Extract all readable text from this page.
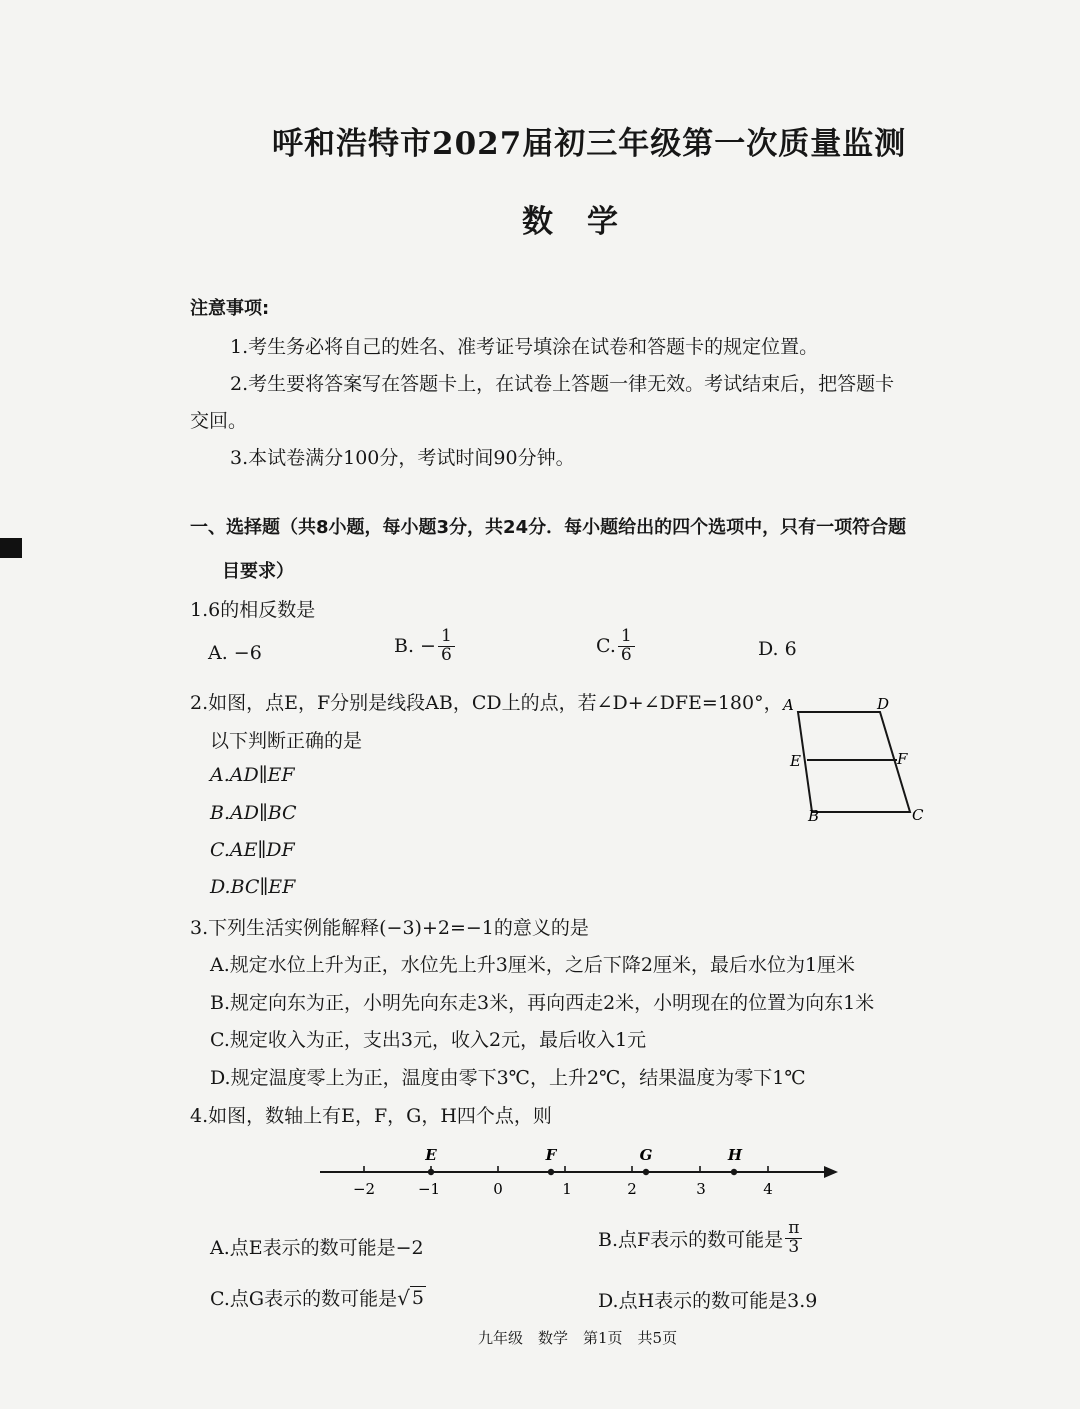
呼和浩特市2027届初三年级第一次质量监测
数学
注意事项:
1.考生务必将自己的姓名、准考证号填涂在试卷和答题卡的规定位置。
2.考生要将答案写在答题卡上，在试卷上答题一律无效。考试结束后，把答题卡
交回。
3.本试卷满分100分，考试时间90分钟。
一、选择题（共8小题，每小题3分，共24分．每小题给出的四个选项中，只有一项符合题
目要求）
1.6的相反数是
A. −6	B. − $\frac{1}{6}$	C. $\frac{1}{6}$	D. 6
2.如图，点E，F分别是线段AB，CD上的点，若∠D+∠DFE=180°，
以下判断正确的是
A.AD∥EF
B.AD∥BC
C.AE∥DF
D.BC∥EF
A	D
E	F
B	C
3.下列生活实例能解释(−3)+2=−1的意义的是
A.规定水位上升为正，水位先上升3厘米，之后下降2厘米，最后水位为1厘米
B.规定向东为正，小明先向东走3米，再向西走2米，小明现在的位置为向东1米
C.规定收入为正，支出3元，收入2元，最后收入1元
D.规定温度零上为正，温度由零下3℃，上升2℃，结果温度为零下1℃
4.如图，数轴上有E，F，G，H四个点，则
−2	−1	0	1	2	3	4
E	F	G	H
A.点E表示的数可能是−2	B.点F表示的数可能是 $\frac{\pi}{3}$
C.点G表示的数可能是 √ 5	D.点H表示的数可能是3.9
九年级　数学　第1页　共5页
